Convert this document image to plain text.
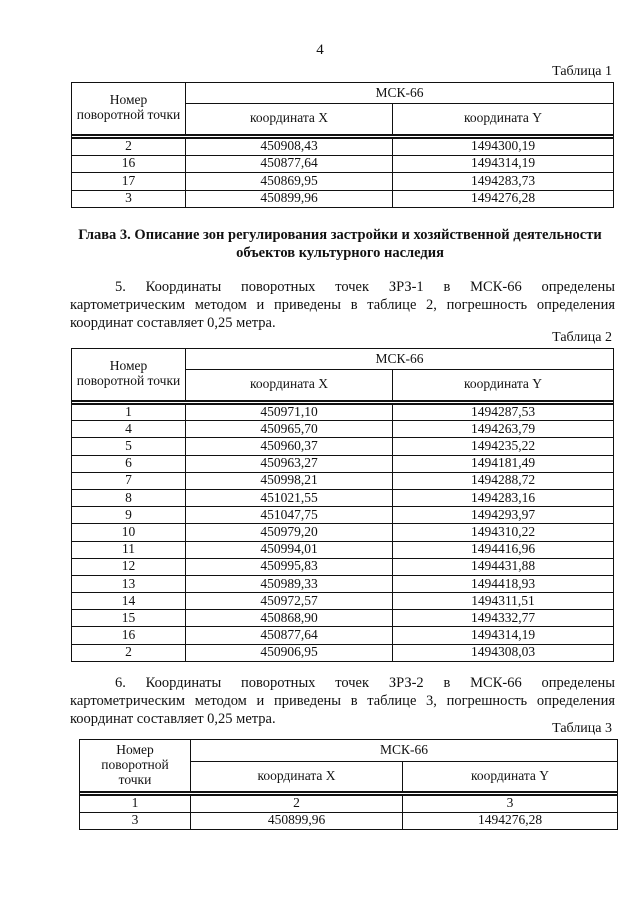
4
Таблица 1
Номер поворотной точки	МСК-66	
	координата X	координата Y

2	450908,43	1494300,19
16	450877,64	1494314,19
17	450869,95	1494283,73
3	450899,96	1494276,28
Глава 3. Описание зон регулирования застройки и хозяйственной деятельности объектов культурного наследия
5. Координаты поворотных точек ЗРЗ-1 в МСК-66 определены картометрическим методом и приведены в таблице 2, погрешность определения координат составляет 0,25 метра.
Таблица 2
Номер поворотной точки	МСК-66	
	координата X	координата Y

1	450971,10	1494287,53
4	450965,70	1494263,79
5	450960,37	1494235,22
6	450963,27	1494181,49
7	450998,21	1494288,72
8	451021,55	1494283,16
9	451047,75	1494293,97
10	450979,20	1494310,22
11	450994,01	1494416,96
12	450995,83	1494431,88
13	450989,33	1494418,93
14	450972,57	1494311,51
15	450868,90	1494332,77
16	450877,64	1494314,19
2	450906,95	1494308,03
6. Координаты поворотных точек ЗРЗ-2 в МСК-66 определены картометрическим методом и приведены в таблице 3, погрешность определения координат составляет 0,25 метра.
Таблица 3
Номер поворотной точки	МСК-66	
	координата X	координата Y

1	2	3
3	450899,96	1494276,28
